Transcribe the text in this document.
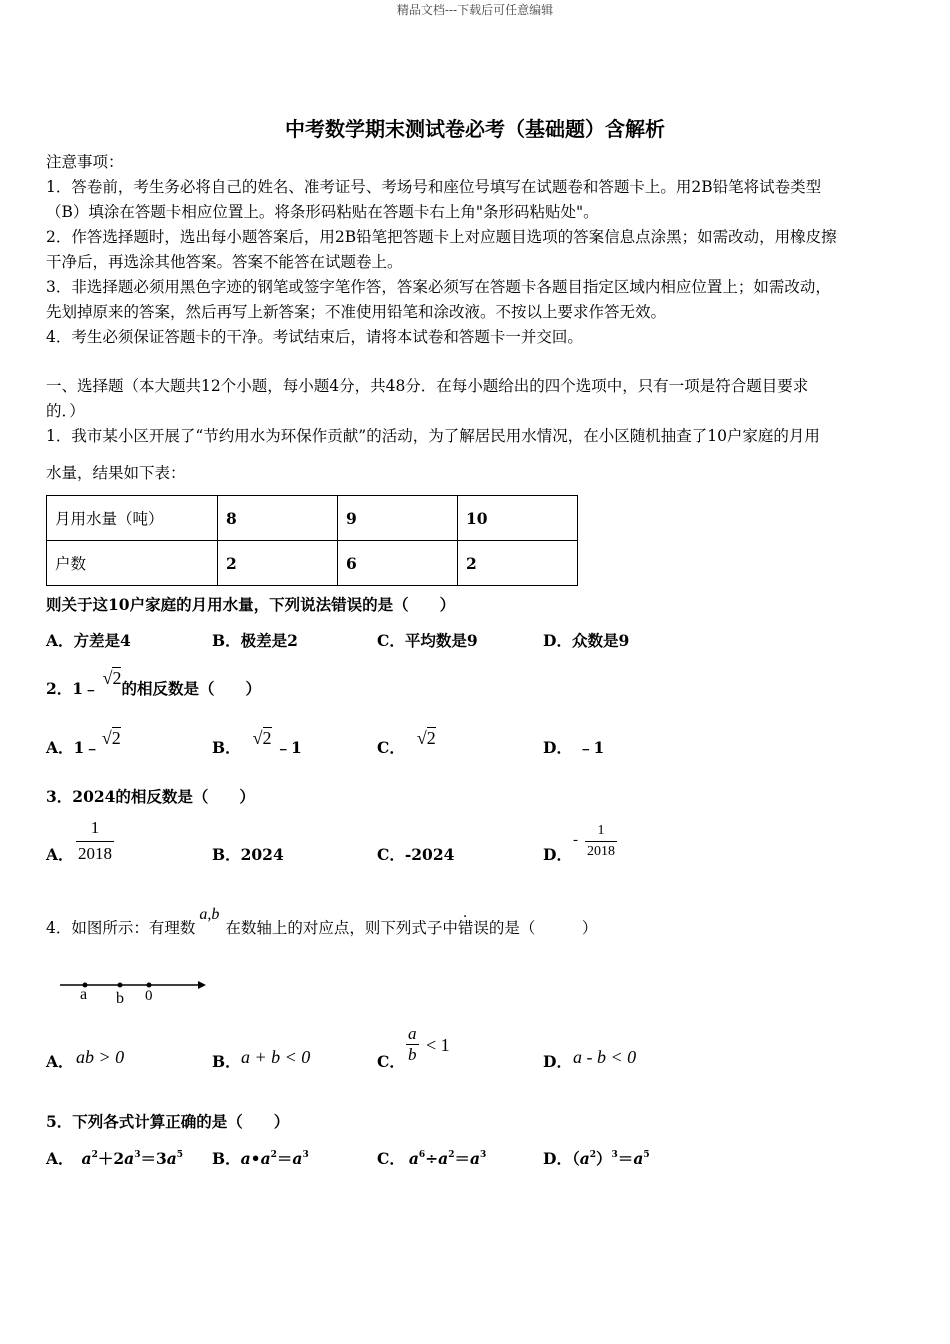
精品文档---下载后可任意编辑
中考数学期末测试卷必考（基础题）含解析
注意事项：
1．答卷前，考生务必将自己的姓名、准考证号、考场号和座位号填写在试题卷和答题卡上。用2B铅笔将试卷类型
（B）填涂在答题卡相应位置上。将条形码粘贴在答题卡右上角"条形码粘贴处"。
2．作答选择题时，选出每小题答案后，用2B铅笔把答题卡上对应题目选项的答案信息点涂黑；如需改动，用橡皮擦
干净后，再选涂其他答案。答案不能答在试题卷上。
3．非选择题必须用黑色字迹的钢笔或签字笔作答，答案必须写在答题卡各题目指定区域内相应位置上；如需改动，
先划掉原来的答案，然后再写上新答案；不准使用铅笔和涂改液。不按以上要求作答无效。
4．考生必须保证答题卡的干净。考试结束后，请将本试卷和答题卡一并交回。
一、选择题（本大题共12个小题，每小题4分，共48分．在每小题给出的四个选项中，只有一项是符合题目要求
的．）
1．我市某小区开展了“节约用水为环保作贡献”的活动，为了解居民用水情况，在小区随机抽查了10户家庭的月用
水量，结果如下表：
月用水量（吨）	8	9	10
户数	2	6	2
则关于这10户家庭的月用水量，下列说法错误的是（　　）
A．方差是4	B．极差是2	C．平均数是9	D．众数是9
2．1﹣√2的相反数是（　　）
A．1﹣ √2	B． √2 ﹣1	C． √2	D． ﹣1
3．2024的相反数是（　　）
A． $\frac{1}{2018}$	B．2024	C．-2024	D．
- $\frac{1}{2018}$
4．如图所示：有理数a,b在数轴上的对应点，则下列式子中错误的是（　　　）
a b 0
A． ab > 0	B． a + b < 0	C． $\frac{a}{b} < 1$
D． a - b < 0
5．下列各式计算正确的是（　　）
A． $a^2+2a^3=3a^5$ B．$a•a^2=a^3$	C． $a^6\div a^2=a^3$	D．$(a^2)^3=a^5$
